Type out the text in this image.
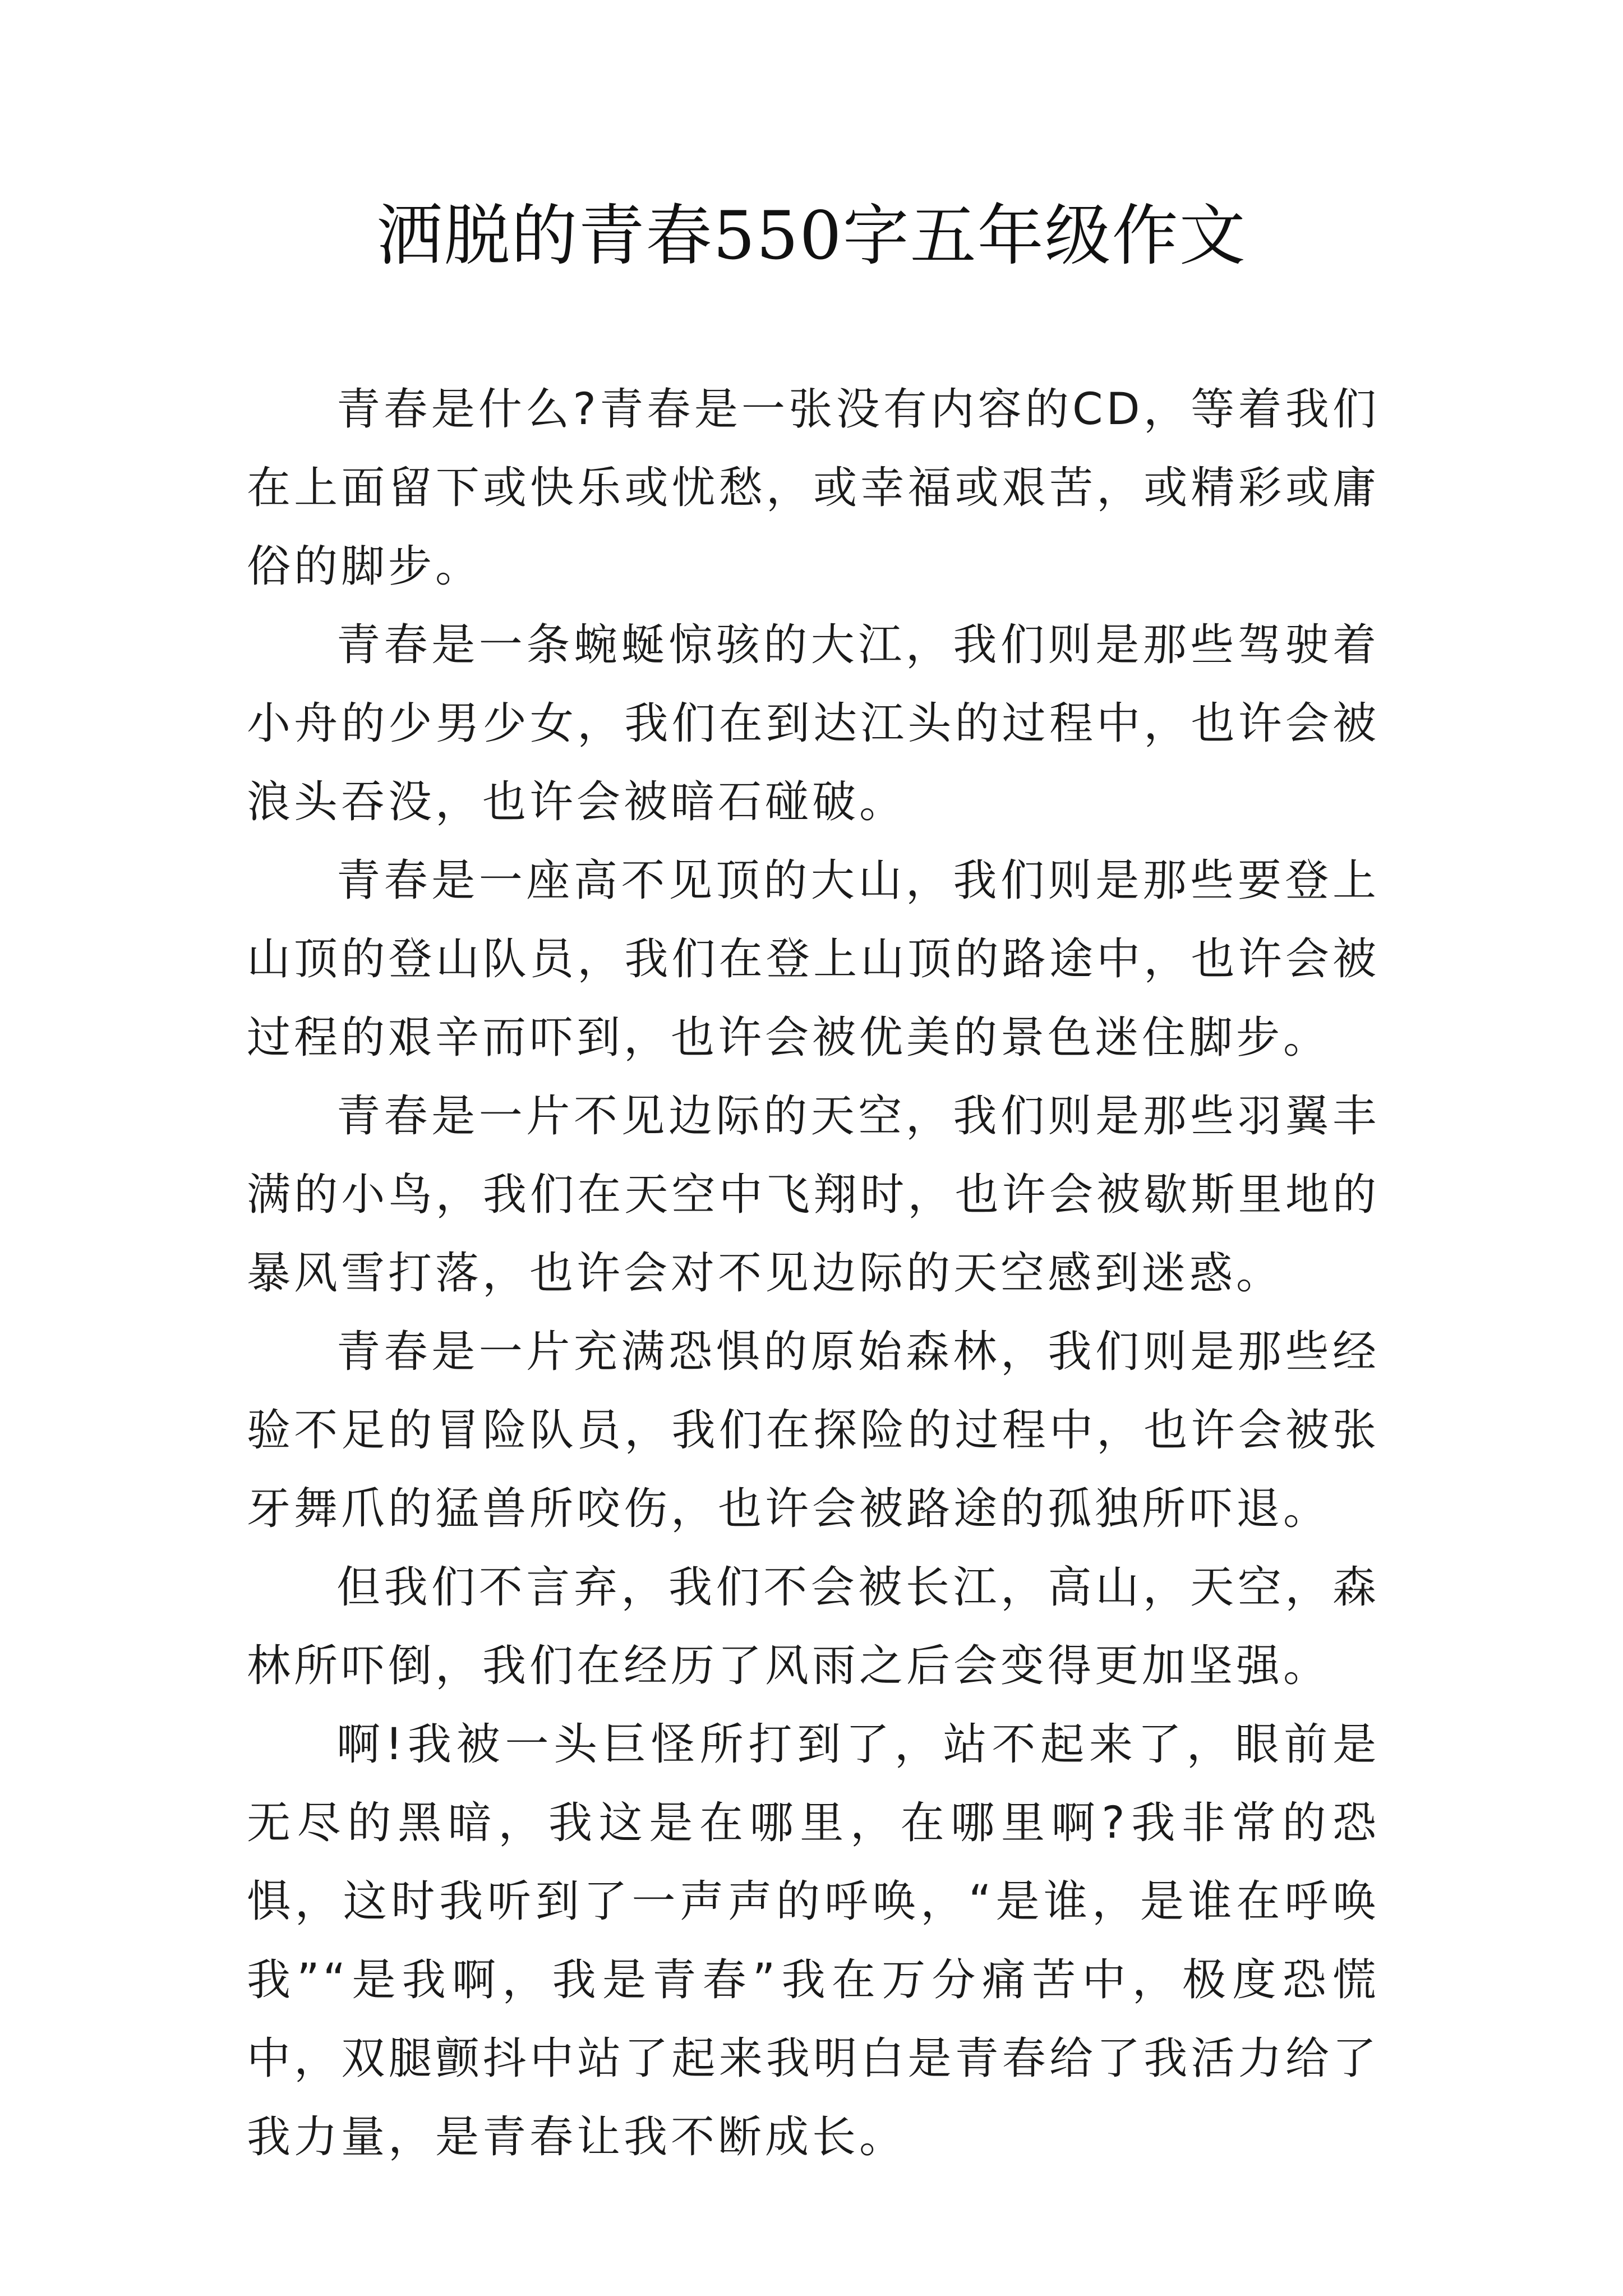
洒脱的青春550字五年级作文

青春是什么?青春是一张没有内容的CD，等着我们在上面留下或快乐或忧愁，或幸福或艰苦，或精彩或庸俗的脚步。

青春是一条蜿蜒惊骇的大江，我们则是那些驾驶着小舟的少男少女，我们在到达江头的过程中，也许会被浪头吞没，也许会被暗石碰破。

青春是一座高不见顶的大山，我们则是那些要登上山顶的登山队员，我们在登上山顶的路途中，也许会被过程的艰辛而吓到，也许会被优美的景色迷住脚步。

青春是一片不见边际的天空，我们则是那些羽翼丰满的小鸟，我们在天空中飞翔时，也许会被歇斯里地的暴风雪打落，也许会对不见边际的天空感到迷惑。

青春是一片充满恐惧的原始森林，我们则是那些经验不足的冒险队员，我们在探险的过程中，也许会被张牙舞爪的猛兽所咬伤，也许会被路途的孤独所吓退。

但我们不言弃，我们不会被长江，高山，天空，森林所吓倒，我们在经历了风雨之后会变得更加坚强。

啊!我被一头巨怪所打到了，站不起来了，眼前是无尽的黑暗，我这是在哪里，在哪里啊?我非常的恐惧，这时我听到了一声声的呼唤，“是谁，是谁在呼唤我”“是我啊，我是青春”我在万分痛苦中，极度恐慌中，双腿颤抖中站了起来我明白是青春给了我活力给了我力量，是青春让我不断成长。
